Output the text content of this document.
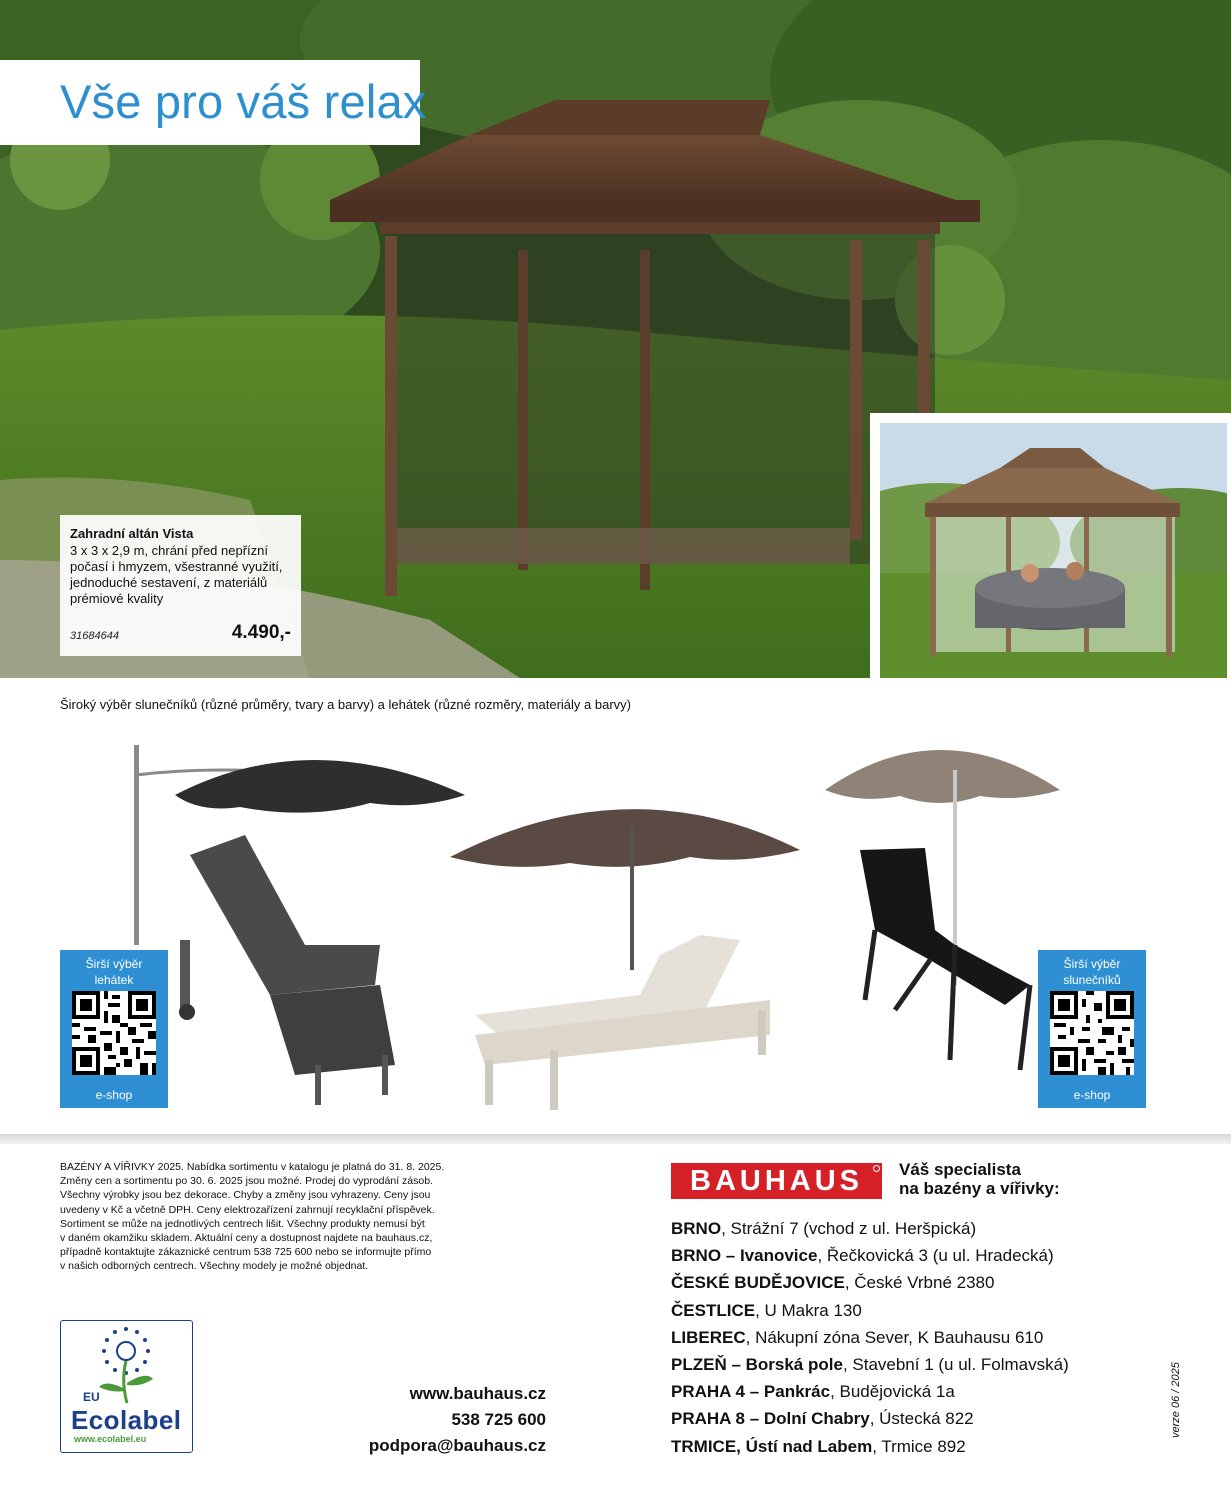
Vše pro váš relax
Zahradní altán Vista
3 x 3 x 2,9 m, chrání před nepřízní počasí i hmyzem, všestranné využití, jednoduché sestavení, z materiálů prémiové kvality
31684644	4.490,-
Široký výběr slunečníků (různé průměry, tvary a barvy) a lehátek (různé rozměry, materiály a barvy)
Širší výběr
lehátek
e-shop
Širší výběr
slunečníků
e-shop
BAZÉNY A VÍŘIVKY 2025. Nabídka sortimentu v katalogu je platná do 31. 8. 2025.
Změny cen a sortimentu po 30. 6. 2025 jsou možné. Prodej do vyprodání zásob.
Všechny výrobky jsou bez dekorace. Chyby a změny jsou vyhrazeny. Ceny jsou
uvedeny v Kč a včetně DPH. Ceny elektrozařízení zahrnují recyklační příspěvek.
Sortiment se může na jednotlivých centrech lišit. Všechny produkty nemusí být
v daném okamžiku skladem. Aktuální ceny a dostupnost najdete na bauhaus.cz,
případně kontaktujte zákaznické centrum 538 725 600 nebo se informujte přímo
v našich odborných centrech. Všechny modely je možné objednat.
EU
Ecolabel
www.ecolabel.eu
www.bauhaus.cz
538 725 600
podpora@bauhaus.cz
BAUHAUS	Váš specialista
na bazény a vířivky:
BRNO, Strážní 7 (vchod z ul. Heršpická)
BRNO – Ivanovice, Řečkovická 3 (u ul. Hradecká)
ČESKÉ BUDĚJOVICE, České Vrbné 2380
ČESTLICE, U Makra 130
LIBEREC, Nákupní zóna Sever, K Bauhausu 610
PLZEŇ – Borská pole, Stavební 1 (u ul. Folmavská)
PRAHA 4 – Pankrác, Budějovická 1a
PRAHA 8 – Dolní Chabry, Ústecká 822
TRMICE, Ústí nad Labem, Trmice 892
verze 06 / 2025
